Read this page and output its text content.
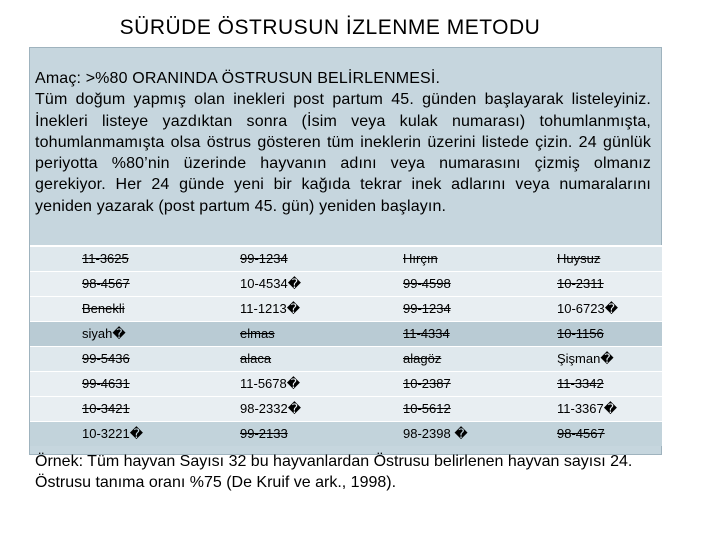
SÜRÜDE ÖSTRUSUN İZLENME METODU

Amaç: >%80 ORANINDA ÖSTRUSUN BELİRLENMESİ.

Tüm doğum yapmış olan inekleri post partum 45. günden başlayarak listeleyiniz. İnekleri listeye yazdıktan sonra (İsim veya kulak numarası) tohumlanmışta, tohumlanmamışta olsa östrus gösteren tüm ineklerin üzerini listede çizin. 24 günlük periyotta %80’nin üzerinde hayvanın adını veya numarasını çizmiş olmanız gerekiyor. Her 24 günde yeni bir kağıda tekrar inek adlarını veya numaralarını yeniden yazarak (post partum 45. gün) yeniden başlayın.

11-3625	99-1234	Hırçın	Huysuz
98-4567	10-4534�	99-4598	10-2311
Benekli	11-1213�	99-1234	10-6723�
siyah�	elmas	11-4334	10-1156
99-5436	alaca	alagöz	Şişman�
99-4631	11-5678�	10-2387	11-3342
10-3421	98-2332�	10-5612	11-3367�
10-3221�	99-2133	98-2398 �	98-4567
Örnek: Tüm hayvan Sayısı 32 bu hayvanlardan Östrusu belirlenen hayvan sayısı 24. Östrusu tanıma oranı %75 (De Kruif ve ark., 1998).
